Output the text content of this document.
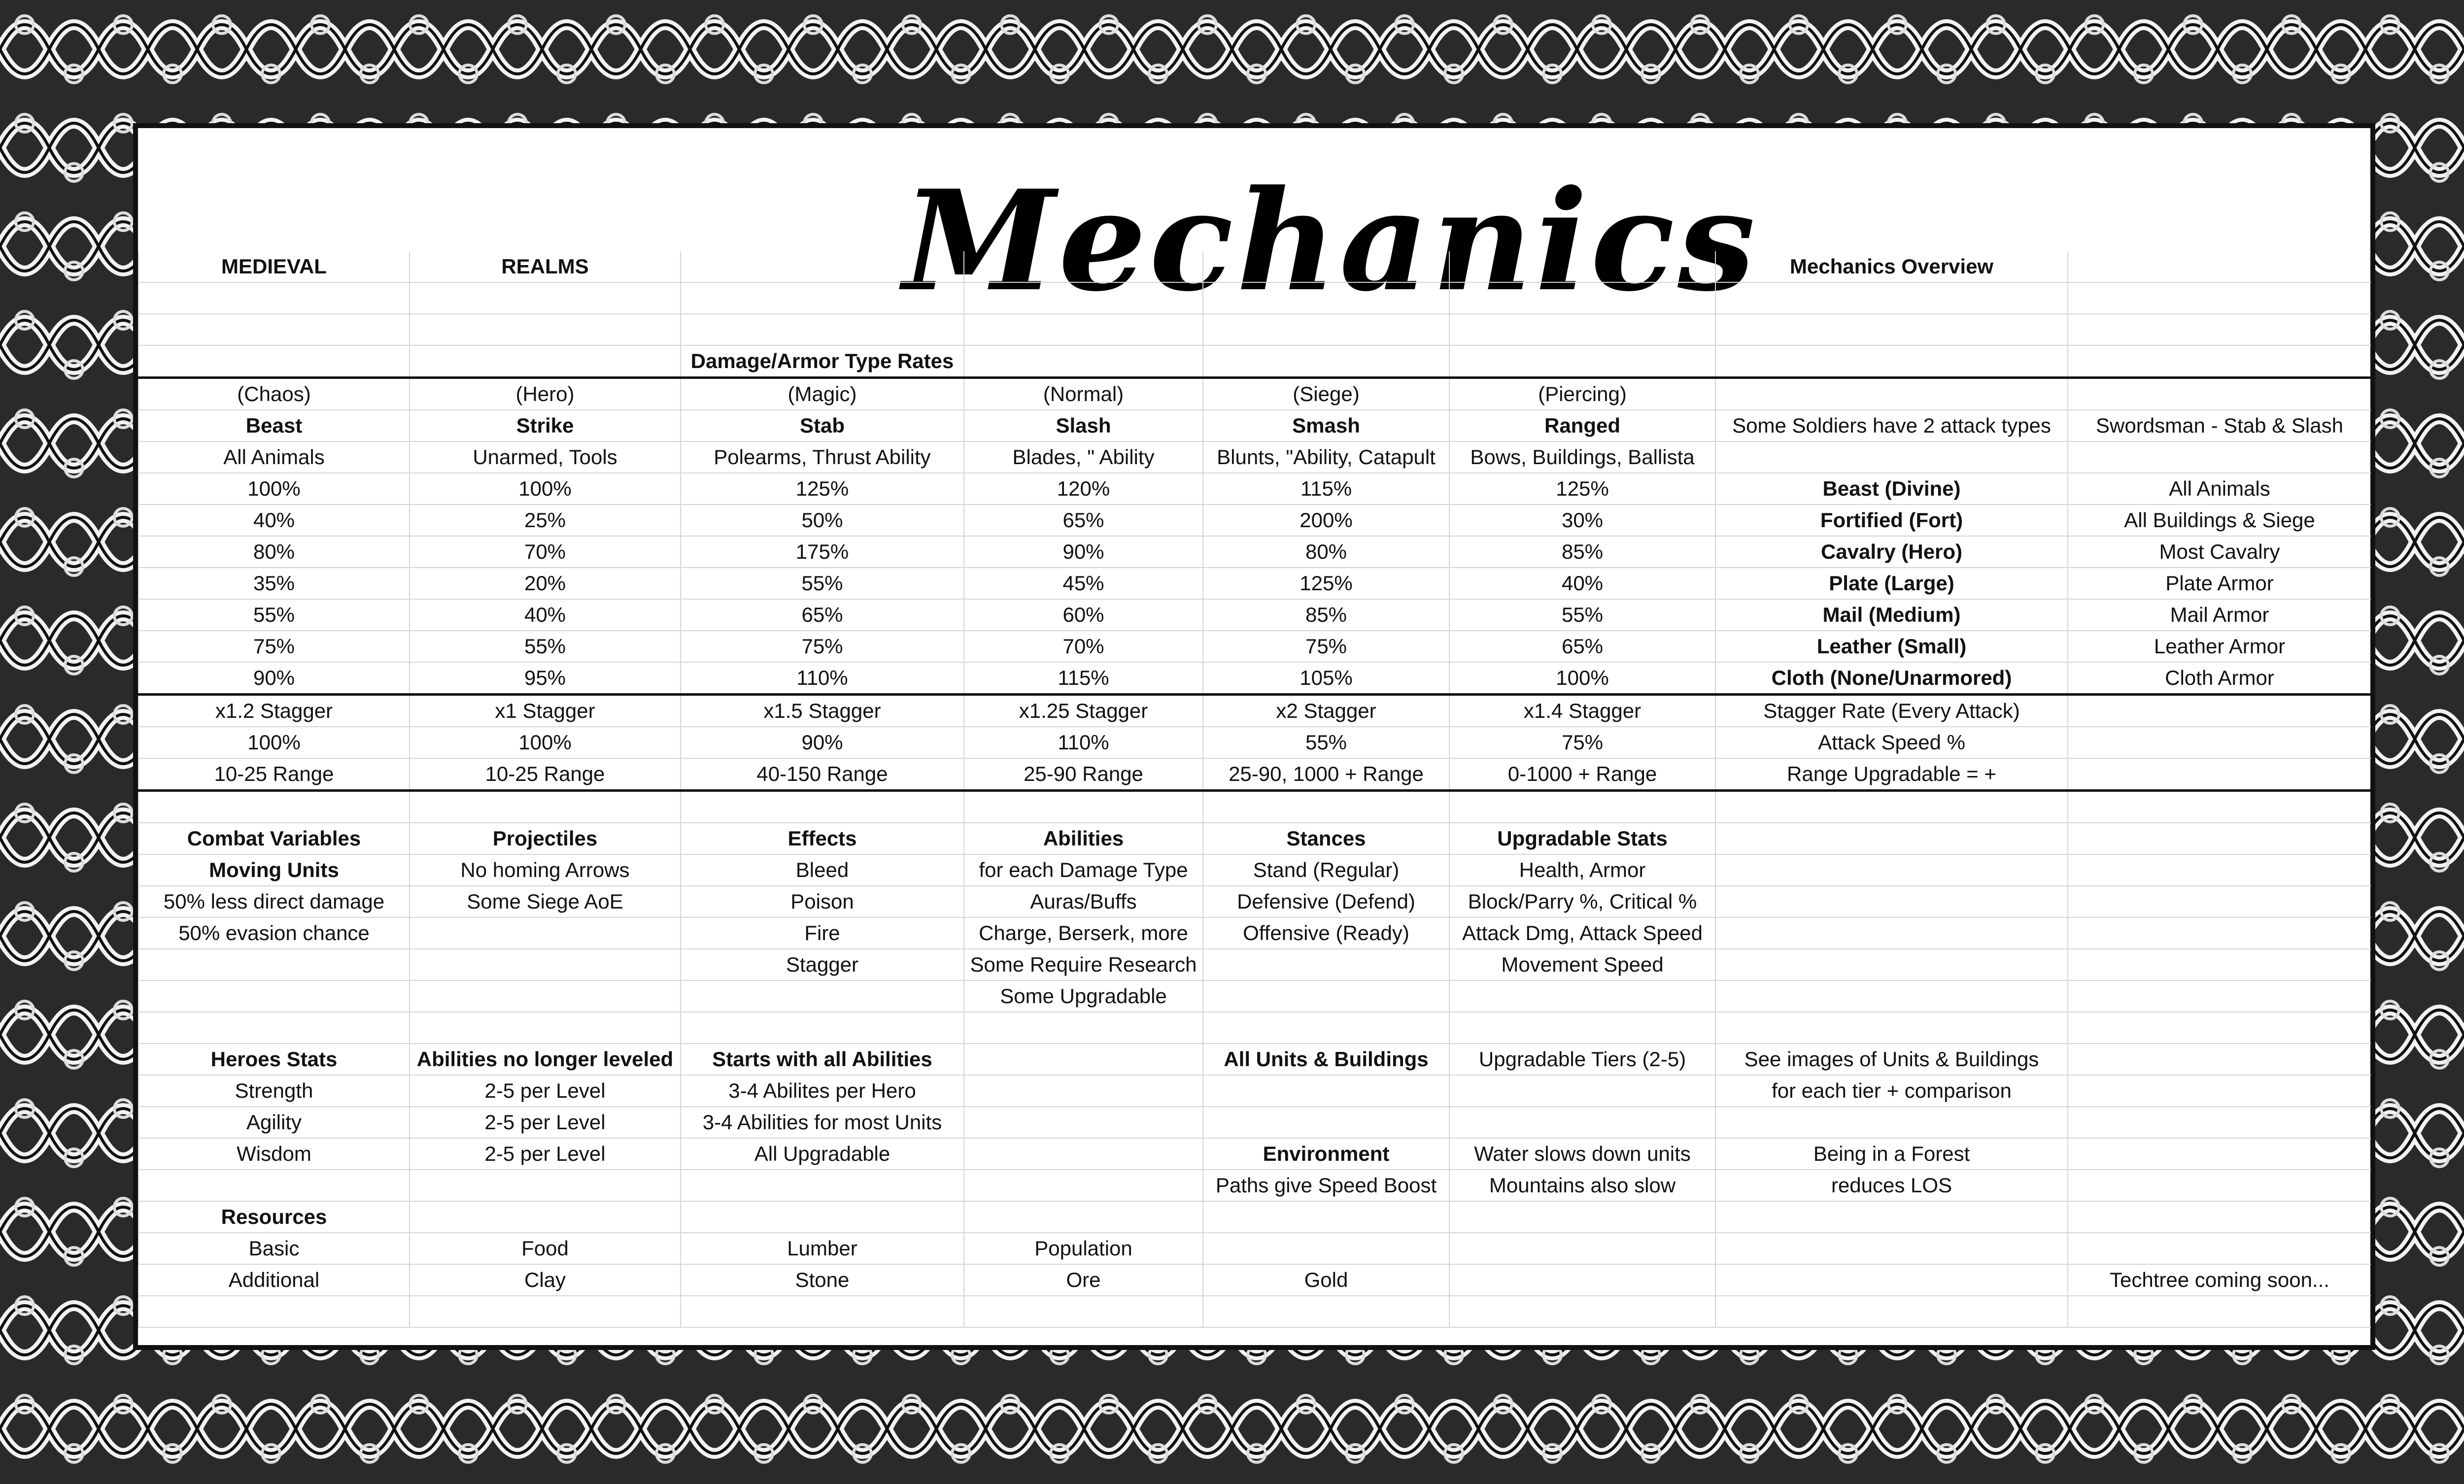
Mechanics
MEDIEVAL	REALMS					Mechanics Overview	

		Damage/Armor Type Rates					
(Chaos)	(Hero)	(Magic)	(Normal)	(Siege)	(Piercing)		
Beast	Strike	Stab	Slash	Smash	Ranged	Some Soldiers have 2 attack types	Swordsman - Stab & Slash
All Animals	Unarmed, Tools	Polearms, Thrust Ability	Blades, " Ability	Blunts, "Ability, Catapult	Bows, Buildings, Ballista		
100%	100%	125%	120%	115%	125%	Beast (Divine)	All Animals
40%	25%	50%	65%	200%	30%	Fortified (Fort)	All Buildings & Siege
80%	70%	175%	90%	80%	85%	Cavalry (Hero)	Most Cavalry
35%	20%	55%	45%	125%	40%	Plate (Large)	Plate Armor
55%	40%	65%	60%	85%	55%	Mail (Medium)	Mail Armor
75%	55%	75%	70%	75%	65%	Leather (Small)	Leather Armor
90%	95%	110%	115%	105%	100%	Cloth (None/Unarmored)	Cloth Armor
x1.2 Stagger	x1 Stagger	x1.5 Stagger	x1.25 Stagger	x2 Stagger	x1.4 Stagger	Stagger Rate (Every Attack)	
100%	100%	90%	110%	55%	75%	Attack Speed %	
10-25 Range	10-25 Range	40-150 Range	25-90 Range	25-90, 1000 + Range	0-1000 + Range	Range Upgradable = +	

Combat Variables	Projectiles	Effects	Abilities	Stances	Upgradable Stats		
Moving Units	No homing Arrows	Bleed	for each Damage Type	Stand (Regular)	Health, Armor		
50% less direct damage	Some Siege AoE	Poison	Auras/Buffs	Defensive (Defend)	Block/Parry %, Critical %		
50% evasion chance		Fire	Charge, Berserk, more	Offensive (Ready)	Attack Dmg, Attack Speed		
		Stagger	Some Require Research		Movement Speed		
			Some Upgradable				

Heroes Stats	Abilities no longer leveled	Starts with all Abilities		All Units & Buildings	Upgradable Tiers (2-5)	See images of Units & Buildings	
Strength	2-5 per Level	3-4 Abilites per Hero				for each tier + comparison	
Agility	2-5 per Level	3-4 Abilities for most Units					
Wisdom	2-5 per Level	All Upgradable		Environment	Water slows down units	Being in a Forest	
				Paths give Speed Boost	Mountains also slow	reduces LOS	
Resources							
Basic	Food	Lumber	Population				
Additional	Clay	Stone	Ore	Gold			Techtree coming soon...
